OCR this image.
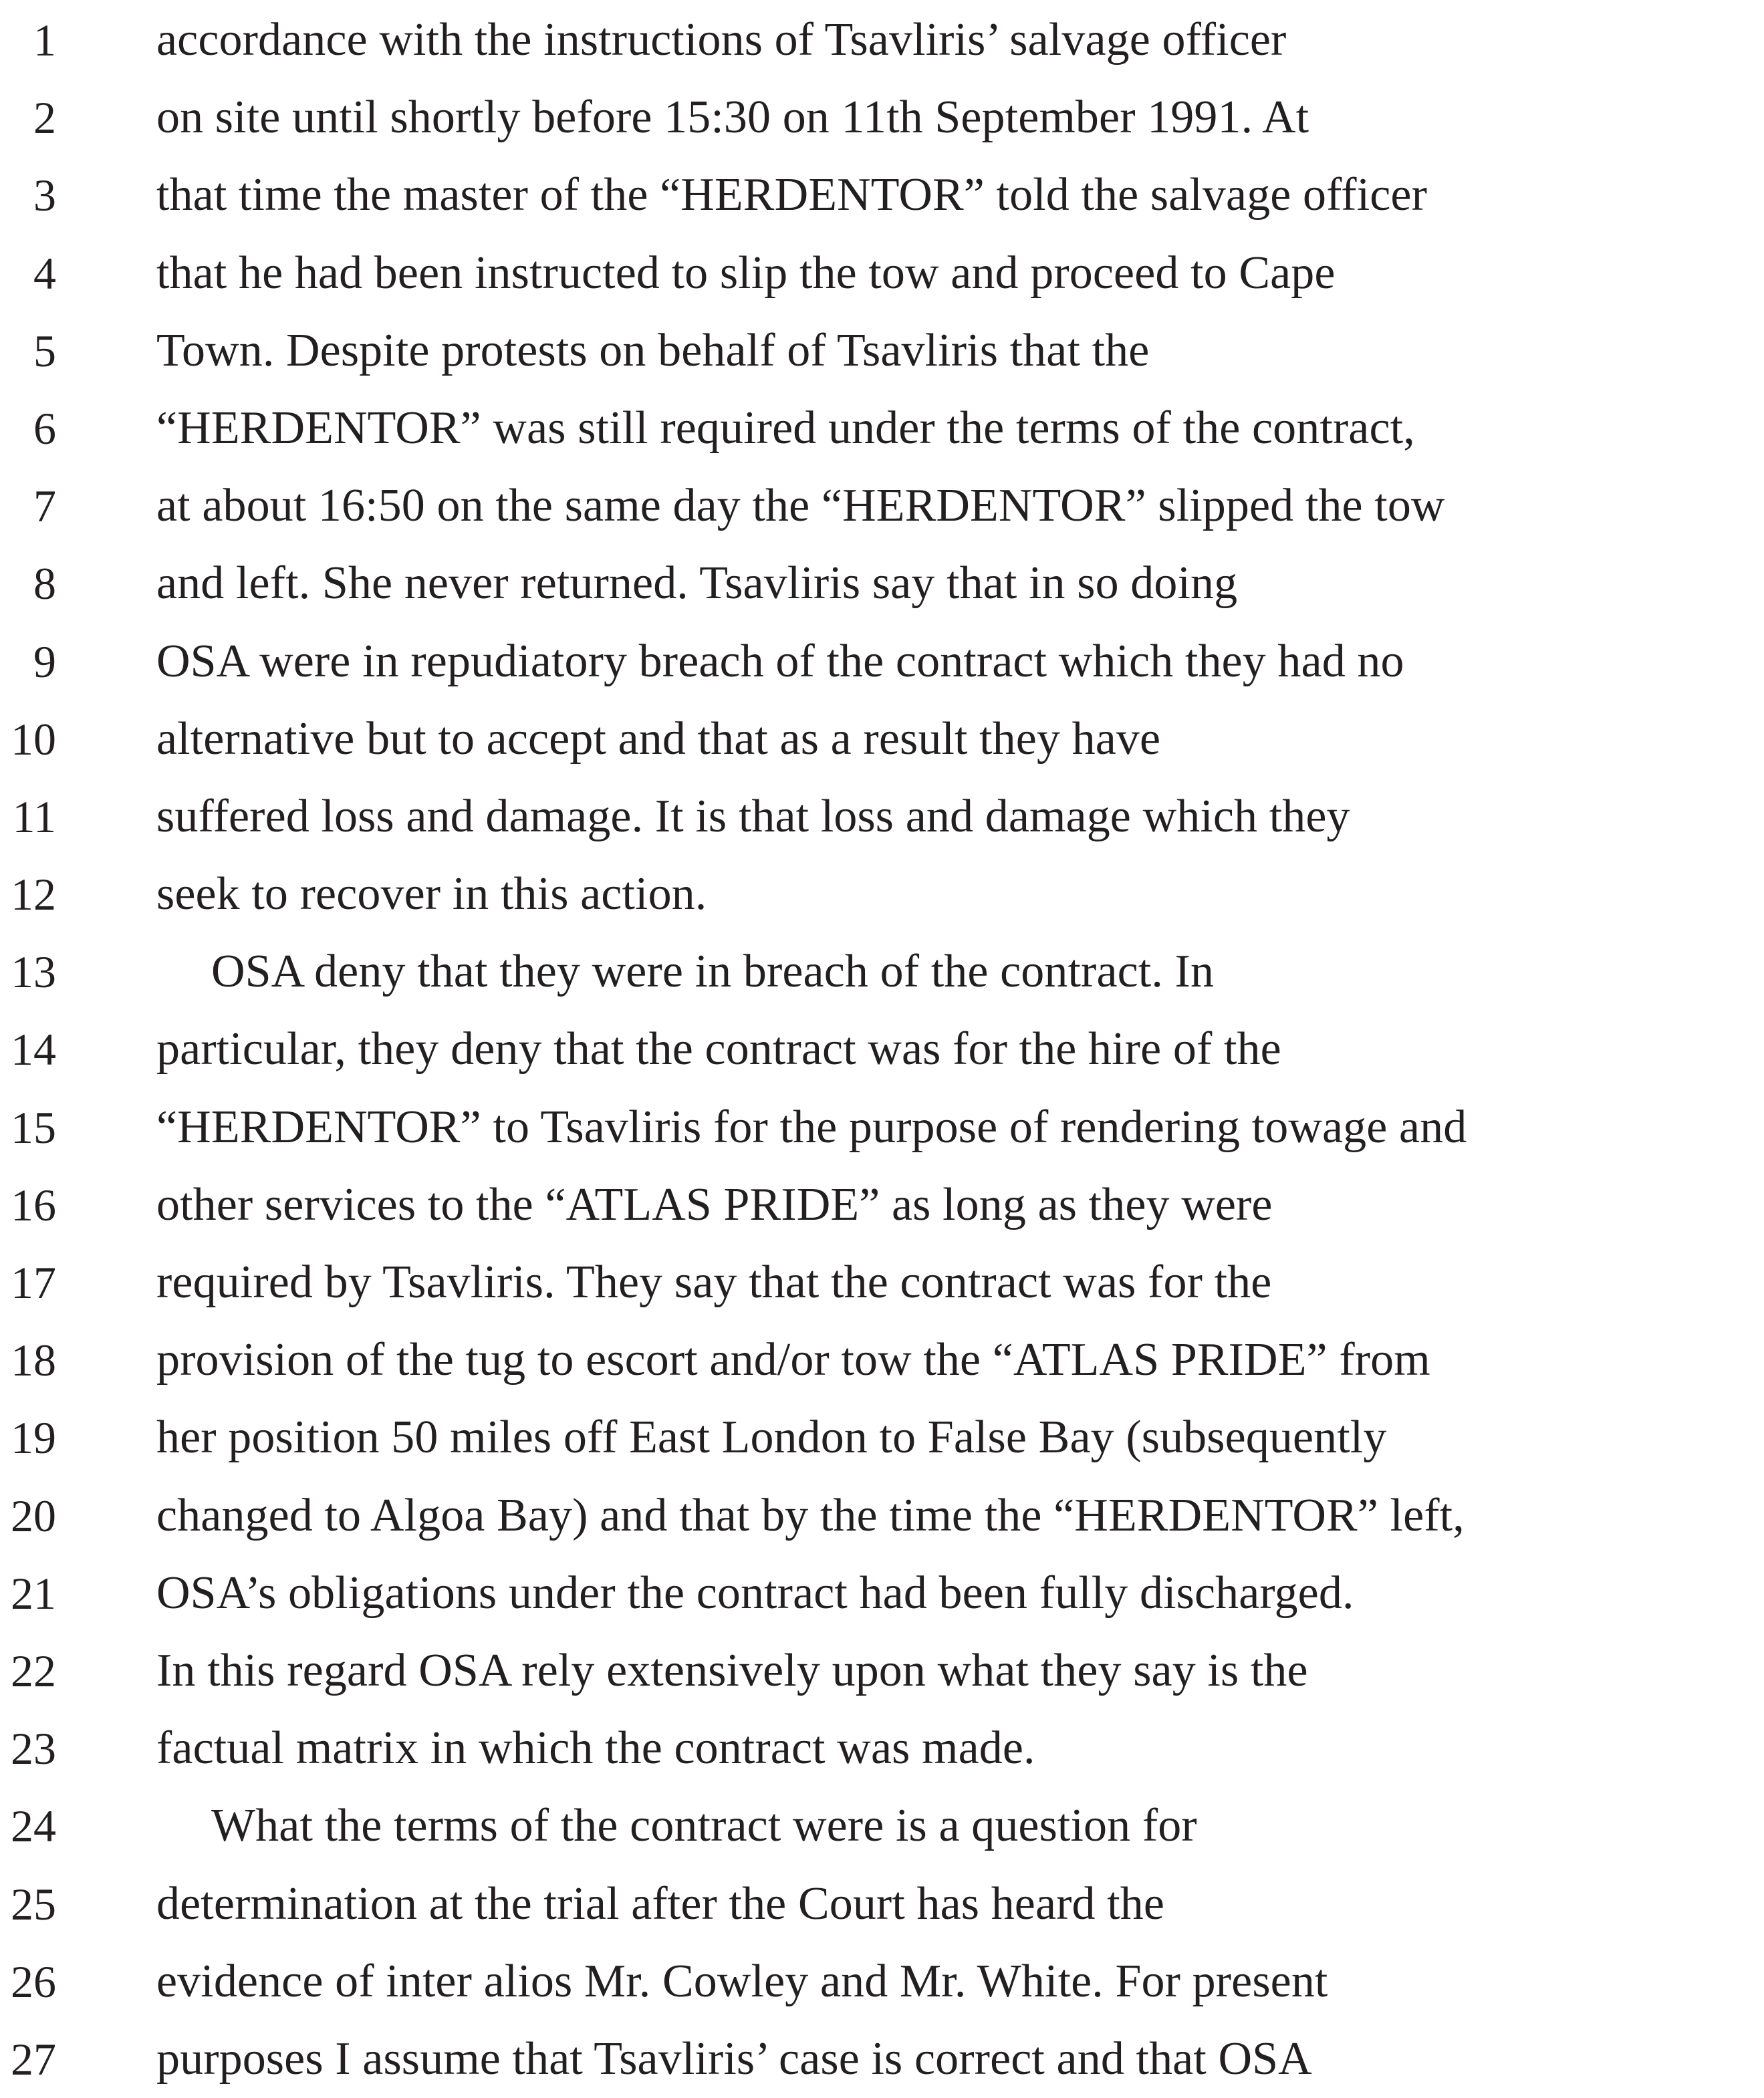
1 accordance with the instructions of Tsavliris’ salvage officer
2 on site until shortly before 15:30 on 11th September 1991. At
3 that time the master of the “HERDENTOR” told the salvage officer
4 that he had been instructed to slip the tow and proceed to Cape
5 Town. Despite protests on behalf of Tsavliris that the
6 “HERDENTOR” was still required under the terms of the contract,
7 at about 16:50 on the same day the “HERDENTOR” slipped the tow
8 and left. She never returned. Tsavliris say that in so doing
9 OSA were in repudiatory breach of the contract which they had no
10 alternative but to accept and that as a result they have
11 suffered loss and damage. It is that loss and damage which they
12 seek to recover in this action.
13	OSA deny that they were in breach of the contract. In
14 particular, they deny that the contract was for the hire of the
15 “HERDENTOR” to Tsavliris for the purpose of rendering towage and
16 other services to the “ATLAS PRIDE” as long as they were
17 required by Tsavliris. They say that the contract was for the
18 provision of the tug to escort and/or tow the “ATLAS PRIDE” from
19 her position 50 miles off East London to False Bay (subsequently
20 changed to Algoa Bay) and that by the time the “HERDENTOR” left,
21 OSA’s obligations under the contract had been fully discharged.
22 In this regard OSA rely extensively upon what they say is the
23 factual matrix in which the contract was made.
24	What the terms of the contract were is a question for
25 determination at the trial after the Court has heard the
26 evidence of inter alios Mr. Cowley and Mr. White. For present
27 purposes I assume that Tsavliris’ case is correct and that OSA
